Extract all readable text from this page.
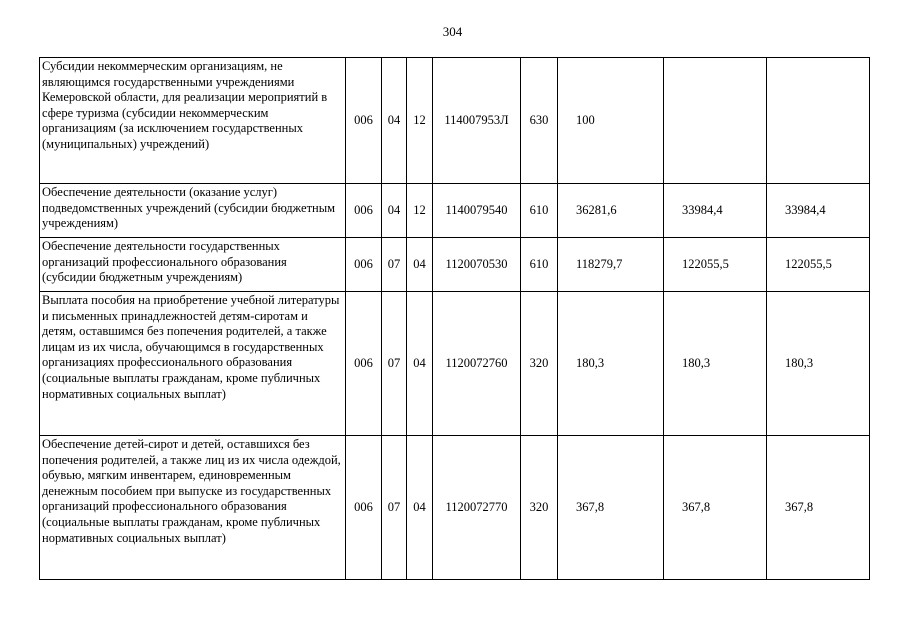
304
Субсидии некоммерческим организациям, не являющимся государственными учреждениями Кемеровской области, для реализации мероприятий в сфере туризма (субсидии некоммерческим организациям (за исключением государственных (муниципальных) учреждений)	006	04	12	114007953Л	630	100		
Обеспечение деятельности (оказание услуг) подведомственных учреждений (субсидии бюджетным учреждениям)	006	04	12	1140079540	610	36281,6	33984,4	33984,4
Обеспечение деятельности государственных организаций профессионального образования (субсидии бюджетным учреждениям)	006	07	04	1120070530	610	118279,7	122055,5	122055,5
Выплата пособия на приобретение учебной литературы и письменных принадлежностей детям-сиротам и детям, оставшимся без попечения родителей, а также лицам из их числа, обучающимся в государственных организациях профессионального образования (социальные выплаты гражданам, кроме публичных нормативных социальных выплат)	006	07	04	1120072760	320	180,3	180,3	180,3
Обеспечение детей-сирот и детей, оставшихся без попечения родителей, а также лиц из их числа одеждой, обувью, мягким инвентарем, единовременным денежным пособием при выпуске из государственных организаций профессионального образования (социальные выплаты гражданам, кроме публичных нормативных социальных выплат)	006	07	04	1120072770	320	367,8	367,8	367,8
